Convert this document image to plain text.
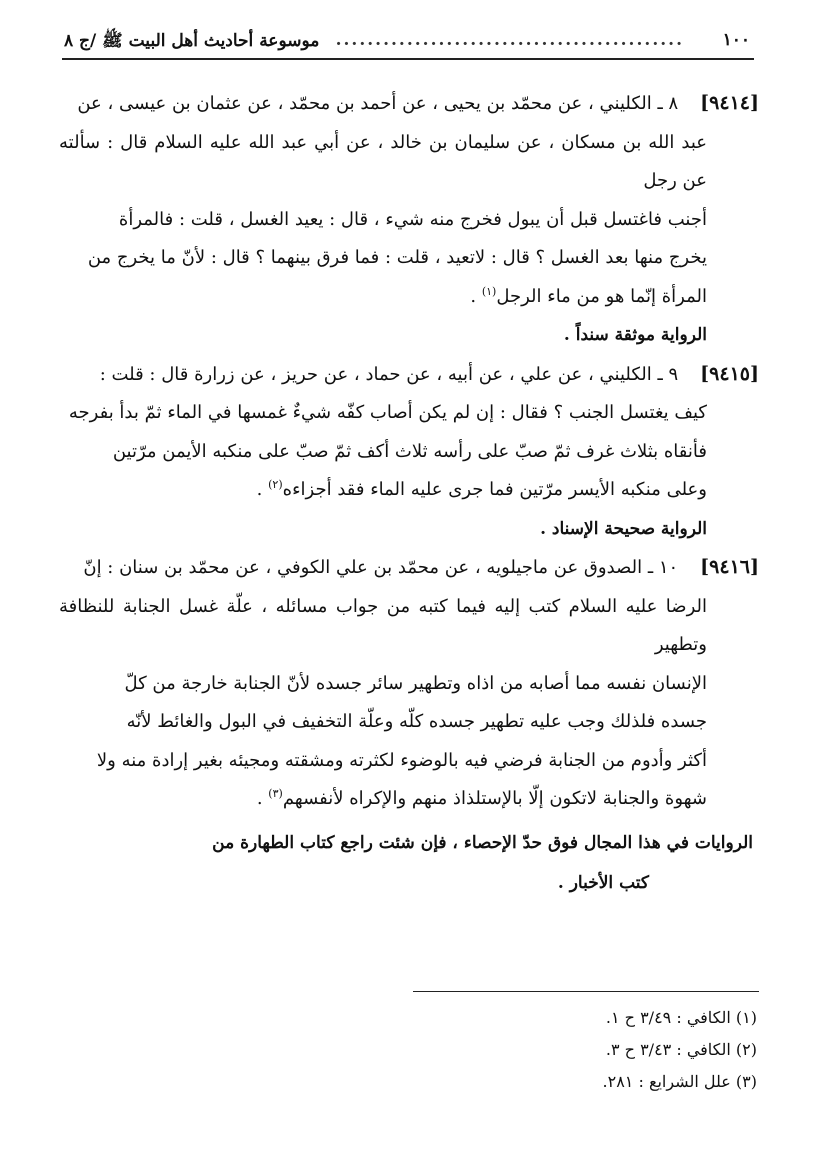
١٠٠
............................................
موسوعة أحاديث أهل البيت ﷺ /ج ٨

[٩٤١٤]٨ ـ الكليني ، عن محمّد بن يحيى ، عن أحمد بن محمّد ، عن عثمان بن عيسى ، عن

عبد الله بن مسكان ، عن سليمان بن خالد ، عن أبي عبد الله عليه السلام قال : سألته عن رجل

أجنب فاغتسل قبل أن يبول فخرج منه شيء ، قال : يعيد الغسل ، قلت : فالمرأة

يخرج منها بعد الغسل ؟ قال : لاتعيد ، قلت : فما فرق بينهما ؟ قال : لأنّ ما يخرج من

المرأة إنّما هو من ماء الرجل$^{(١)}$ .

الرواية موثقة سنداً .

[٩٤١٥]٩ ـ الكليني ، عن علي ، عن أبيه ، عن حماد ، عن حريز ، عن زرارة قال : قلت :

كيف يغتسل الجنب ؟ فقال : إن لم يكن أصاب كفّه شيءٌ غمسها في الماء ثمّ بدأ بفرجه

فأنقاه بثلاث غرف ثمّ صبّ على رأسه ثلاث أكف ثمّ صبّ على منكبه الأيمن مرّتين

وعلى منكبه الأيسر مرّتين فما جرى عليه الماء فقد أجزاءه$^{(٢)}$ .

الرواية صحيحة الإسناد .

[٩٤١٦]١٠ ـ الصدوق عن ماجيلويه ، عن محمّد بن علي الكوفي ، عن محمّد بن سنان : إنّ

الرضا عليه السلام كتب إليه فيما كتبه من جواب مسائله ، علّة غسل الجنابة للنظافة وتطهير

الإنسان نفسه مما أصابه من اذاه وتطهير سائر جسده لأنّ الجنابة خارجة من كلّ

جسده فلذلك وجب عليه تطهير جسده كلّه وعلّة التخفيف في البول والغائط لأنّه

أكثر وأدوم من الجنابة فرضي فيه بالوضوء لكثرته ومشقته ومجيئه بغير إرادة منه ولا

شهوة والجنابة لاتكون إلّا بالإستلذاذ منهم والإكراه لأنفسهم$^{(٣)}$ .

الروايات في هذا المجال فوق حدّ الإحصاء ، فإن شئت راجع كتاب الطهارة من
كتب الأخبار .

(١) الكافي : ٣/٤٩ ح ١.
(٢) الكافي : ٣/٤٣ ح ٣.
(٣) علل الشرايع : ٢٨١.
